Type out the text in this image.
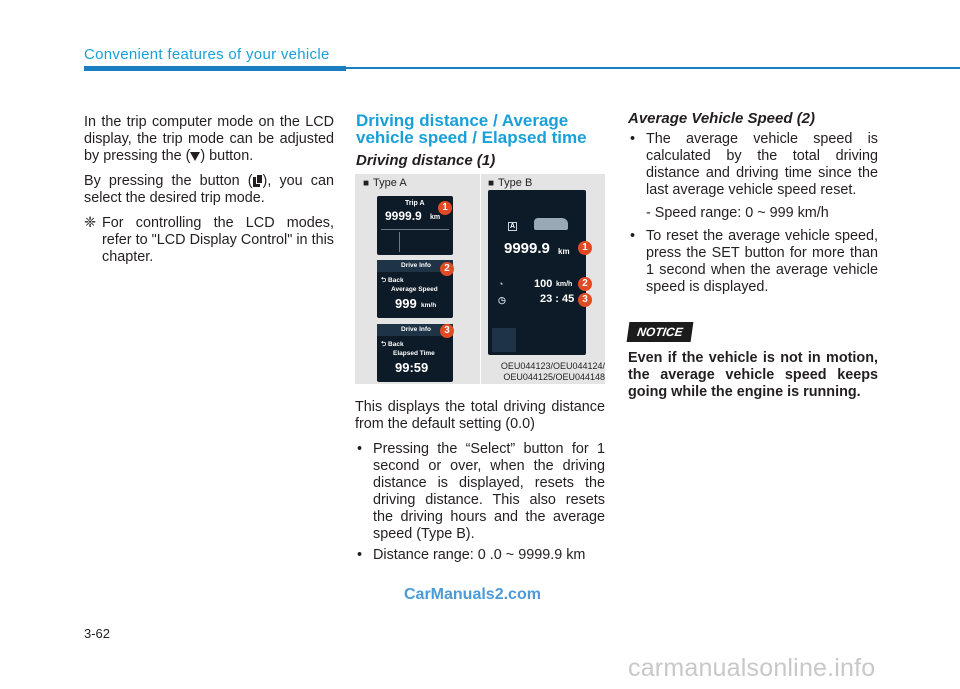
Convenient features of your vehicle

In the trip computer mode on the LCD display, the trip mode can be adjusted by pressing the ( ) button.

By pressing the button ( ), you can select the desired trip mode.

❈ For controlling the LCD modes, refer to "LCD Display Control" in this chapter.
Driving distance / Average vehicle speed / Elapsed time
Driving distance (1)
■ Type A
■	Type B
Trip A
9999.9 km
1
Drive Info
⮌ Back
Average Speed
999 km/h
2
Drive Info
⮌ Back
Elapsed Time
99:59
3
A
9999.9 km
◔	100 km/h
◷	23 : 45
1
2
3
OEU044123/OEU044124/
OEU044125/OEU044148

This displays the total driving distance from the default setting (0.0)

• Pressing the “Select” button for 1 second or over, when the driving distance is displayed, resets the driving distance. This also resets the driving hours and the average speed (Type B).
• Distance range: 0 .0 ~ 9999.9 km
Average Vehicle Speed (2)
• The average vehicle speed is calculated by the total driving distance and driving time since the last average vehicle speed reset.
- Speed range: 0 ~ 999 km/h
• To reset the average vehicle speed, press the SET button for more than 1 second when the average vehicle speed is displayed.
NOTICE
Even if the vehicle is not in motion, the average vehicle speed keeps going while the engine is running.
CarManuals2.com
3-62
carmanualsonline.info
